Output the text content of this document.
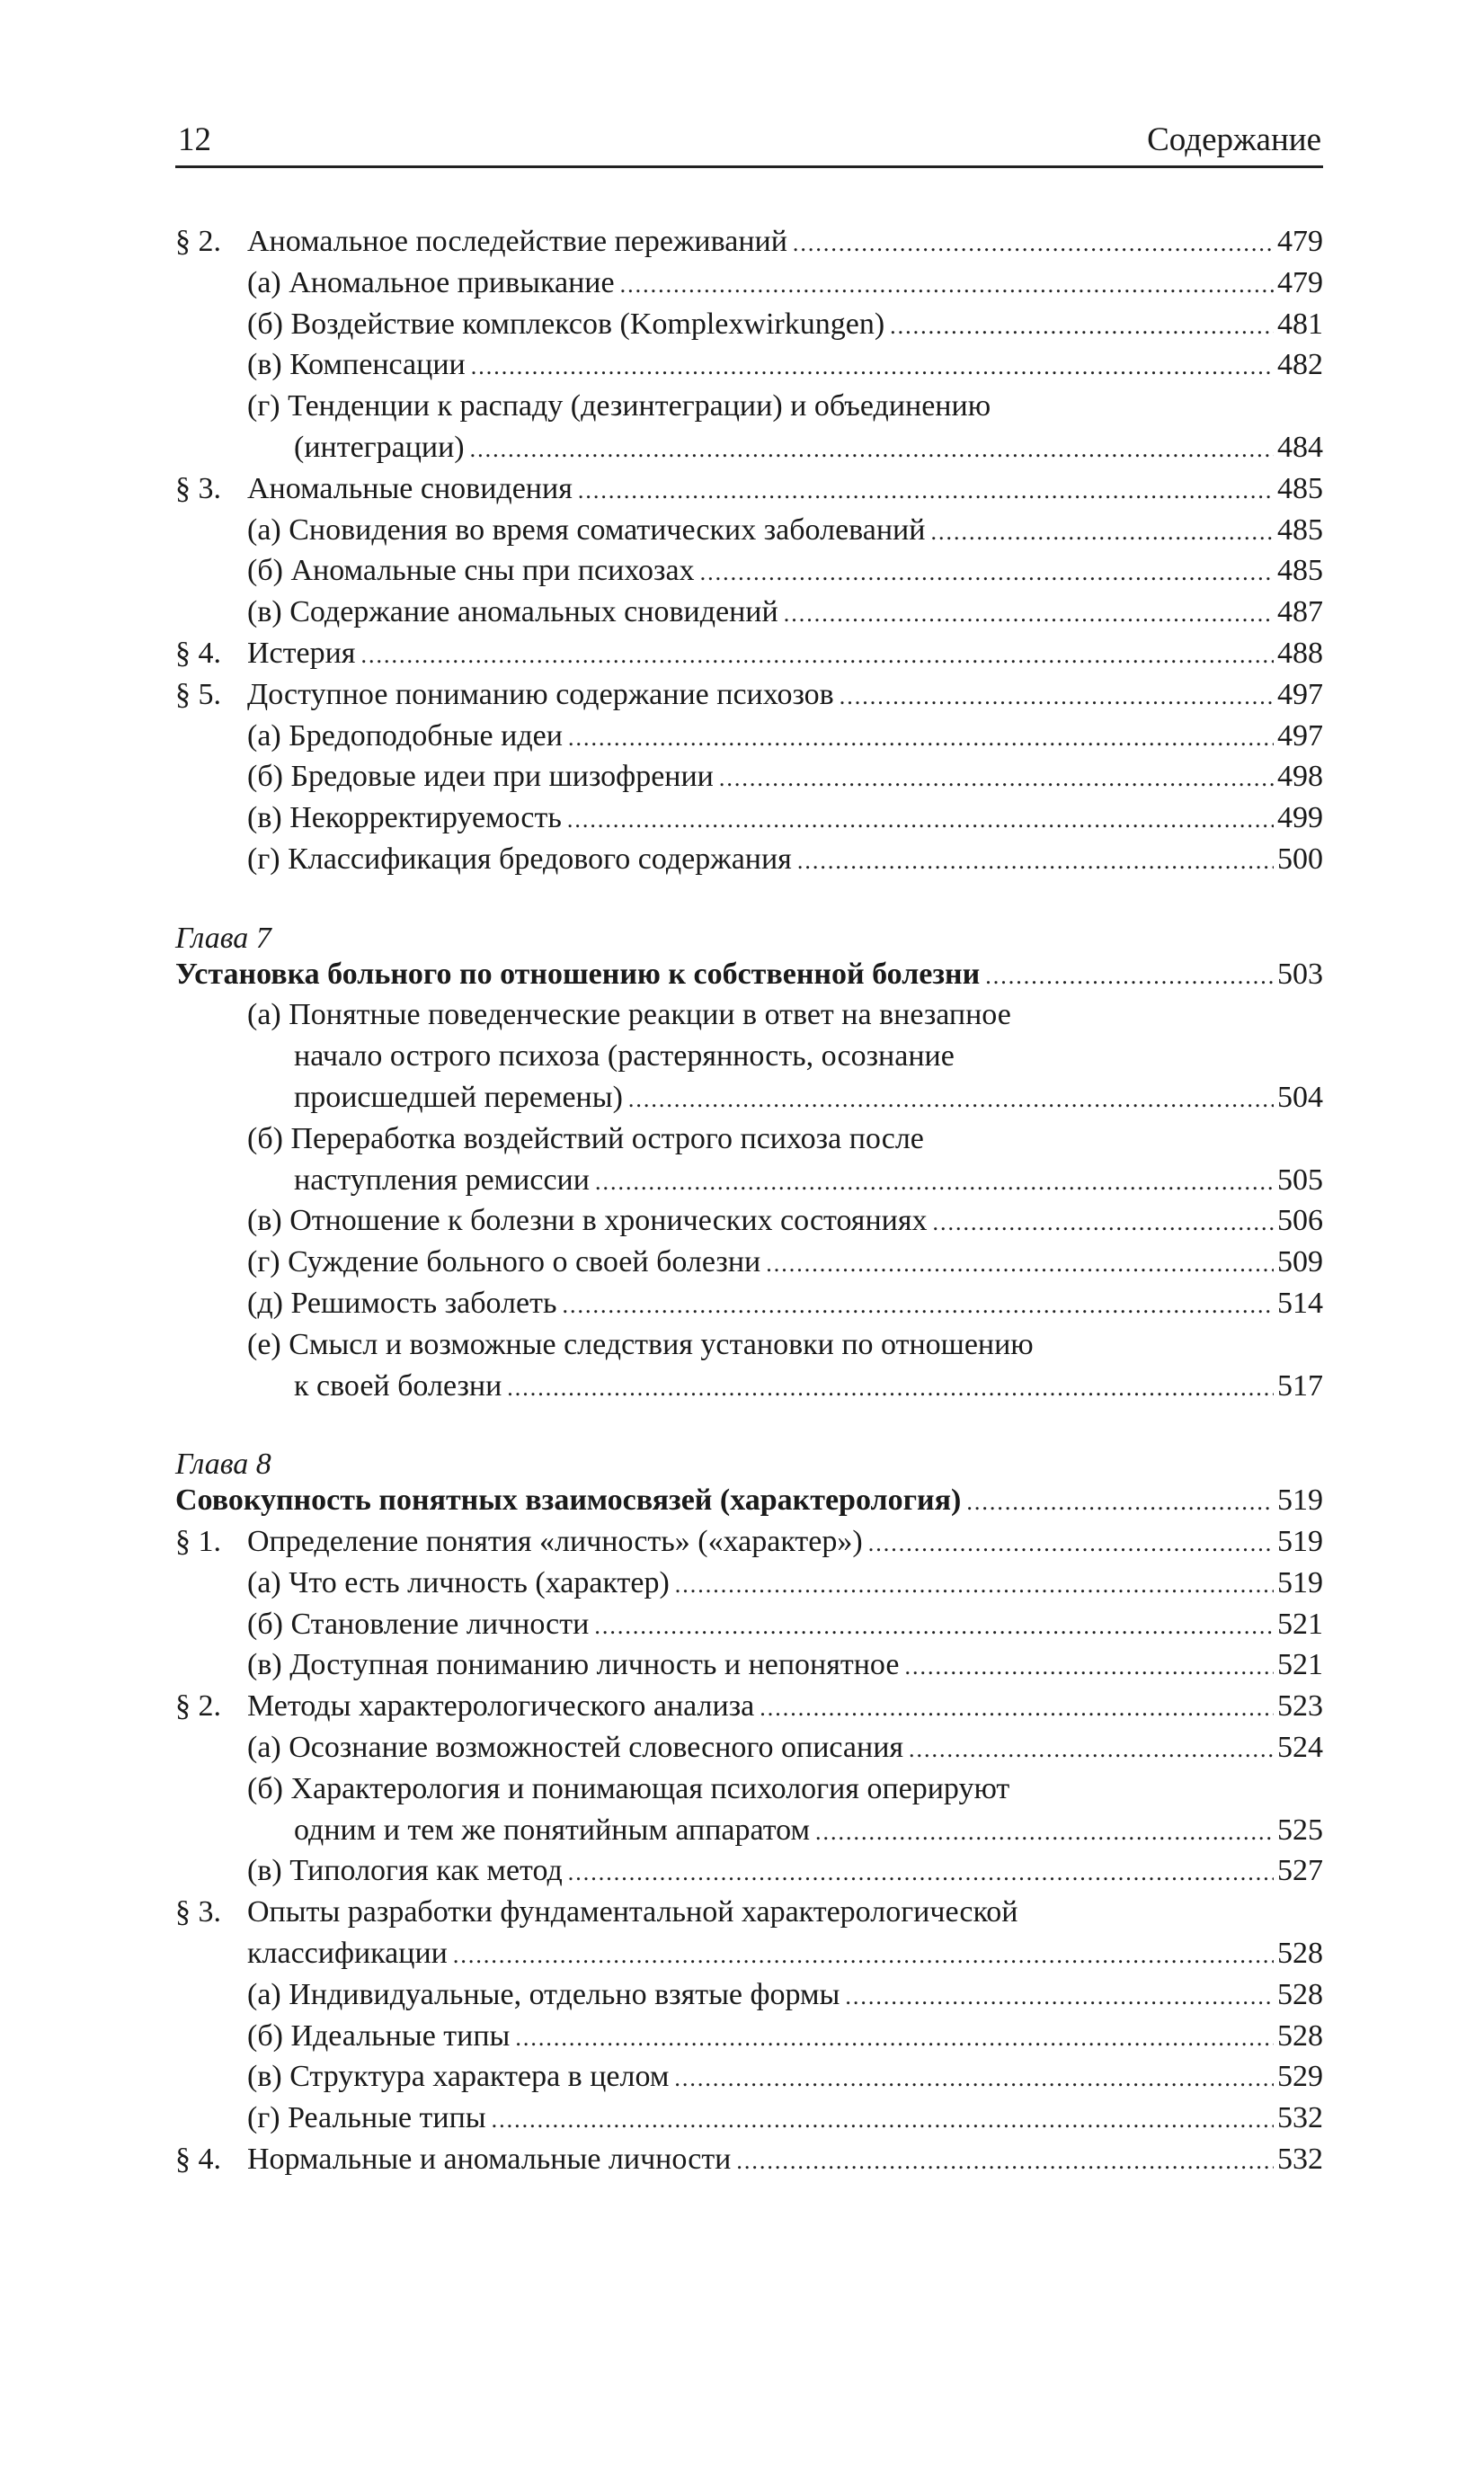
12	Содержание
§ 2. Аномальное последействие переживаний .....	479
(а) Аномальное привыкание .....	479
(б) Воздействие комплексов (Komplexwirkungen) .....	481
(в) Компенсации .....	482
(г) Тенденции к распаду (дезинтеграции) и объединению
(интеграции) .....	484
§ 3. Аномальные сновидения .....	485
(а) Сновидения во время соматических заболеваний .....	485
(б) Аномальные сны при психозах .....	485
(в) Содержание аномальных сновидений .....	487
§ 4. Истерия .....	488
§ 5. Доступное пониманию содержание психозов .....	497
(а) Бредоподобные идеи .....	497
(б) Бредовые идеи при шизофрении .....	498
(в) Некорректируемость .....	499
(г) Классификация бредового содержания .....	500
Глава 7
Установка больного по отношению к собственной болезни .....	503
(а) Понятные поведенческие реакции в ответ на внезапное
начало острого психоза (растерянность, осознание
происшедшей перемены) .....	504
(б) Переработка воздействий острого психоза после
наступления ремиссии .....	505
(в) Отношение к болезни в хронических состояниях .....	506
(г) Суждение больного о своей болезни .....	509
(д) Решимость заболеть .....	514
(е) Смысл и возможные следствия установки по отношению
к своей болезни .....	517
Глава 8
Совокупность понятных взаимосвязей (характерология) .....	519
§ 1. Определение понятия «личность» («характер») .....	519
(а) Что есть личность (характер) .....	519
(б) Становление личности .....	521
(в) Доступная пониманию личность и непонятное .....	521
§ 2. Методы характерологического анализа .....	523
(а) Осознание возможностей словесного описания .....	524
(б) Характерология и понимающая психология оперируют
одним и тем же понятийным аппаратом .....	525
(в) Типология как метод .....	527
§ 3. Опыты разработки фундаментальной характерологической
классификации .....	528
(а) Индивидуальные, отдельно взятые формы .....	528
(б) Идеальные типы .....	528
(в) Структура характера в целом .....	529
(г) Реальные типы .....	532
§ 4. Нормальные и аномальные личности .....	532
